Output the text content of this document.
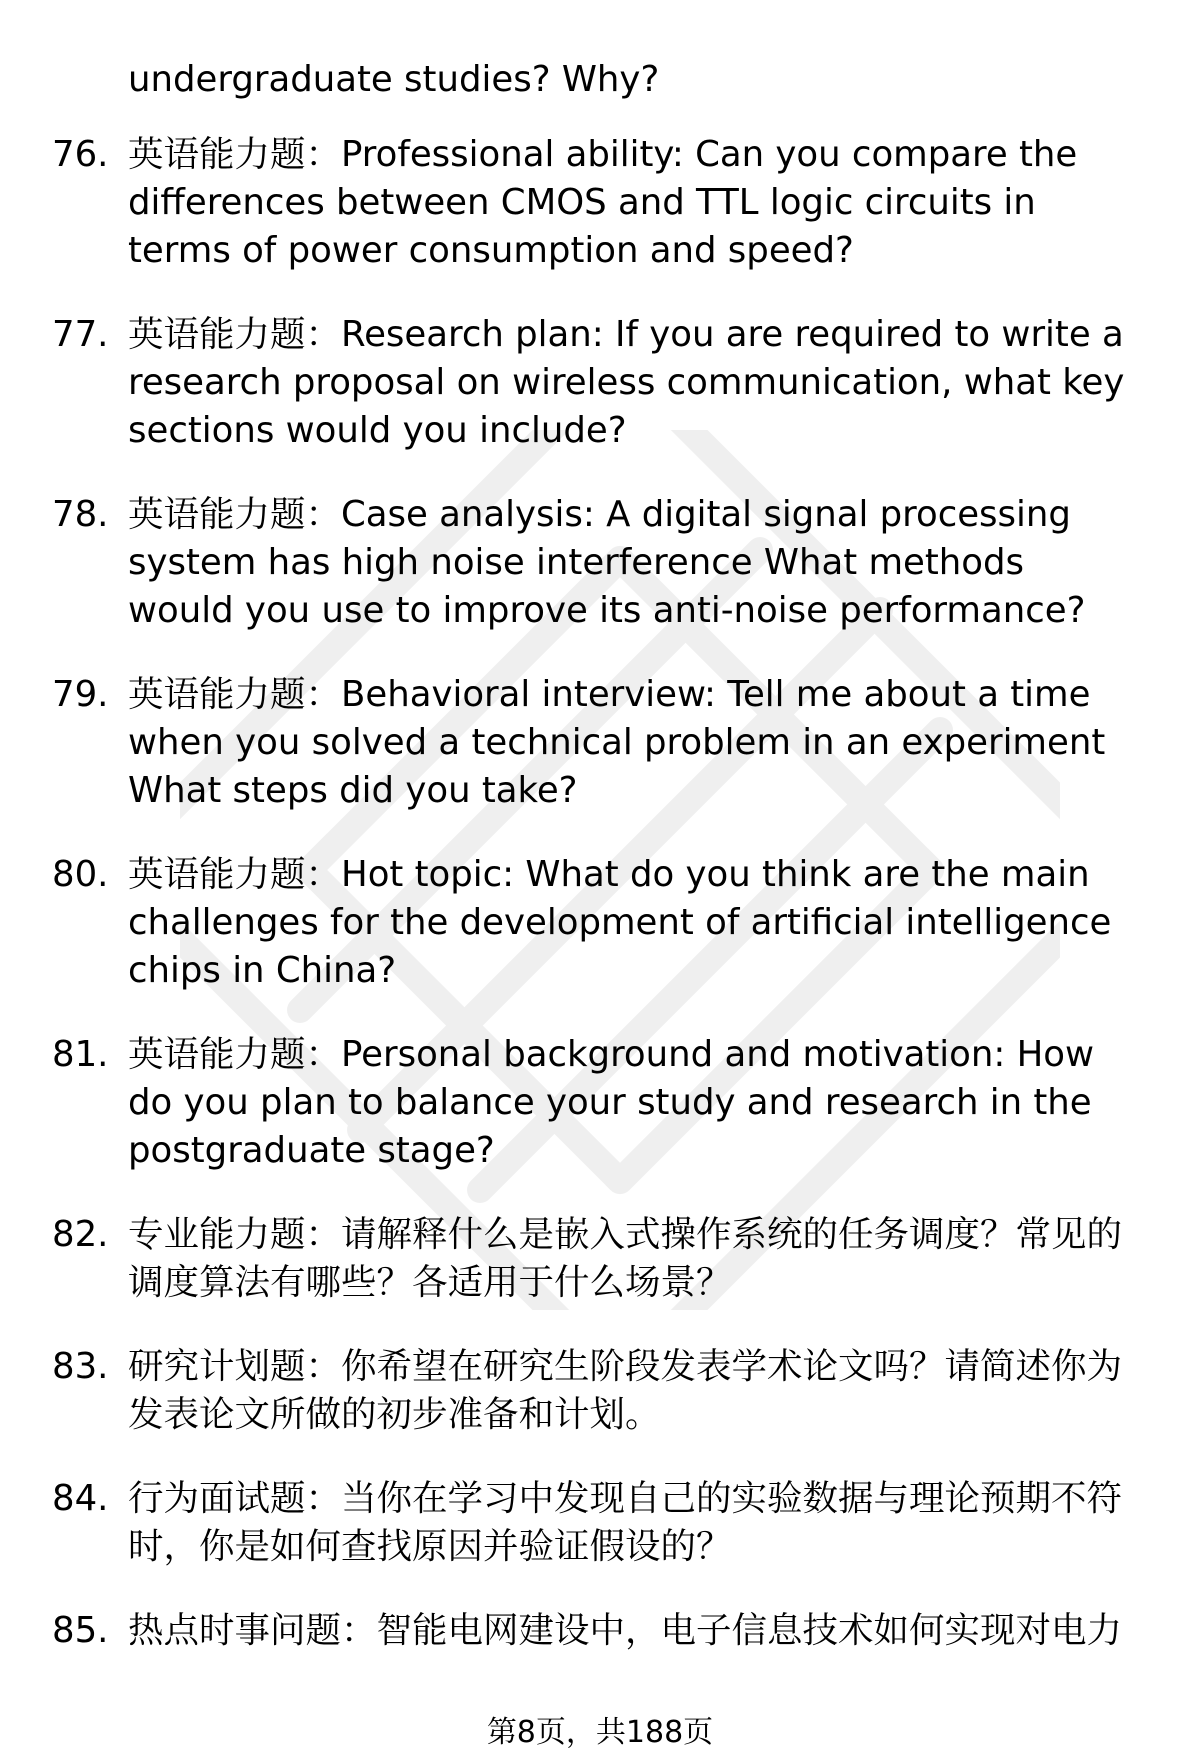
undergraduate studies? Why?

76. 英语能力题：Professional ability: Can you compare the differences between CMOS and TTL logic circuits in terms of power consumption and speed?
77. 英语能力题：Research plan: If you are required to write a research proposal on wireless communication, what key sections would you include?
78. 英语能力题：Case analysis: A digital signal processing system has high noise interference What methods would you use to improve its anti-noise performance?
79. 英语能力题：Behavioral interview: Tell me about a time when you solved a technical problem in an experiment What steps did you take?
80. 英语能力题：Hot topic: What do you think are the main challenges for the development of artificial intelligence chips in China?
81. 英语能力题：Personal background and motivation: How do you plan to balance your study and research in the postgraduate stage?
82. 专业能力题：请解释什么是嵌入式操作系统的任务调度？常见的调度算法有哪些？各适用于什么场景？
83. 研究计划题：你希望在研究生阶段发表学术论文吗？请简述你为发表论文所做的初步准备和计划。
84. 行为面试题：当你在学习中发现自己的实验数据与理论预期不符时，你是如何查找原因并验证假设的？
85. 热点时事问题：智能电网建设中，电子信息技术如何实现对电力
第8页，共188页
